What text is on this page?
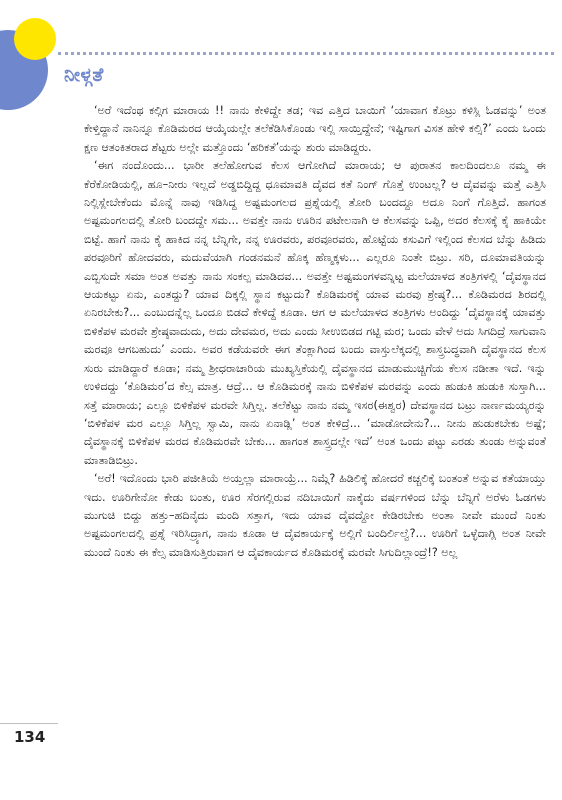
ನೀಳ್ಗತೆ

‘ಅರೆ ಇದೆಂಥ ಕಲ್ಗಿಗ ಮಾರಾಯ !! ನಾನು ಕೇಳಿದ್ದೇ ತಡ; ಇವ ಎತ್ತಿದ ಬಾಯಿಗೆ ‘ಯಾವಾಗ ಕೊಟ್ರು ಕಳಿಸ್ಲಿ ಓಡವನ್ನು’ ಅಂತ ಕೇಳ್ತಿದ್ದಾನೆ ನಾನಿನ್ನೂ ಕೊಡಿಮರದ ಆಯ್ಕೆಯಲ್ಲೇ ತಲೆಕೆಡಿಸಿಕೊಂಡು ಇಲ್ಲಿ ಸಾಯ್ತಿದ್ದೇನೆ; ಇಷ್ಟಿಗಾಗ ವಿಸತ ಹೇಳಿ ಕಲ್ಸಿ?’ ಎಂದು ಒಂದು ಕ್ಷಣ ಆತಂಕಿತರಾದ ಶೆಟ್ಟರು ಅಲ್ಲೇ ಮತ್ತೊಂದು ‘ಹರಿಕತೆ’ಯನ್ನು ಶುರು ಮಾಡಿದ್ದರು.

‘ಈಗ ನಂದೊಂದು... ಭಾರೀ ತಲೆಹೋಗುವ ಕೆಲಸ ಆಗೋಗಿದೆ ಮಾರಾಯ; ಆ ಪುರಾತನ ಕಾಲದಿಂದಲೂ ನಮ್ಮ ಈ ಕೆರೆಕೋಡಿಯಲ್ಲಿ, ಹೂ–ನೀರು ಇಲ್ಲದೆ ಅಡ್ಡಬಿದ್ದಿದ್ದ ಧೂಮಾವತಿ ದೈವದ ಕತೆ ನಿಂಗ್ ಗೊತ್ತೆ ಉಂಟಲ್ಲ? ಆ ದೈವವನ್ನು ಮತ್ತೆ ಎತ್ತಿಸಿ ನಿಲ್ಲಿಸ್ಲೇಬೇಕೆಂದು ಮೊನ್ನೆ ನಾವು ಇಡಿಸಿದ್ದ ಅಷ್ಟಮಂಗಲದ ಪ್ರಶ್ನೆಯಲ್ಲಿ ತೋರಿ ಬಂದದ್ದೂ ಅದೂ ನಿಂಗೆ ಗೊತ್ತಿದೆ. ಹಾಗಂತ ಅಷ್ಟಮಂಗಲದಲ್ಲಿ ತೋರಿ ಬಂದದ್ದೇ ಸಮ... ಅವತ್ತೇ ನಾನು ಊರಿನ ಪಟೇಲನಾಗಿ ಆ ಕೆಲಸವನ್ನು ಒಪ್ಪಿ, ಅದರ ಕೆಲಸಕ್ಕೆ ಕೈ ಹಾಕಿಯೇ ಬಿಟ್ಟೆ. ಹಾಗೆ ನಾನು ಕೈ ಹಾಕಿದ ನನ್ನ ಬೆನ್ನಿಗೇ, ನನ್ನ ಊರವರು, ಪರವೂರವರು, ಹೊಟ್ಟೆಯ ಕಸುವಿಗೆ ಇಲ್ಲಿಂದ ಕೆಲಸದ ಬೆನ್ನು ಹಿಡಿದು ಪರವೂರಿಗೆ ಹೋದವರು, ಮದುವೆಯಾಗಿ ಗಂಡನಮನೆ ಹೊಕ್ಕ ಹೆಣ್ಮಕ್ಕಳು... ಎಲ್ಲರೂ ನಿಂತೇ ಬಿಟ್ರು. ಸರಿ, ದೂಮಾವತಿಯನ್ನು ಎಬ್ಬಿಸುದೇ ಸಮಾ ಅಂತ ಅವತ್ತು ನಾನು ಸಂಕಲ್ಪ ಮಾಡಿದವ... ಅವತ್ತೇ ಅಷ್ಟಮಂಗಳವನ್ನಿಟ್ಟ ಮಲೆಯಾಳದ ತಂತ್ರಿಗಳಲ್ಲಿ ‘ದೈವಸ್ಥಾನದ ಆಯಕಟ್ಟು ಏನು, ಎಂತದ್ದು? ಯಾವ ದಿಕ್ಕಲ್ಲಿ ಸ್ಥಾನ ಕಟ್ಟುದು? ಕೊಡಿಮರಕ್ಕೆ ಯಾವ ಮರವು ಶ್ರೇಷ್ಠ?... ಕೊಡಿಮರದ ಶಿರದಲ್ಲಿ ಏನಿರಬೇಕು?... ಎಂಬುದನ್ನೆಲ್ಲ ಒಂದೂ ಬಿಡದೆ ಕೇಳಿದ್ದೆ ಕೂಡಾ. ಆಗ ಆ ಮಲೆಯಾಳದ ತಂತ್ರಿಗಳು ಅಂದಿದ್ದು ‘ದೈವಸ್ಥಾನಕ್ಕೆ ಯಾವತ್ತು ಬಿಳಿಕೆಪಳ ಮರವೇ ಶ್ರೇಷ್ಠವಾದುದು, ಅದು ದೇವಮರ, ಅದು ಎಂದು ಸೀಉಬಿಡದ ಗಟ್ಟಿ ಮರ; ಒಂದು ವೇಳೆ ಅದು ಸಿಗದಿದ್ರೆ ಸಾಗುವಾನಿ ಮರವೂ ಆಗಬಹುದು’ ಎಂದು. ಅವರ ಕಡೆಯವರೇ ಈಗ ತೆಂಕ್ಲಾಗಿಂದ ಬಂದು ವಾಸ್ತುಲೆಕ್ಕದಲ್ಲಿ ಶಾಸ್ತ್ರಬದ್ಧವಾಗಿ ದೈವಸ್ಥಾನದ ಕೆಲಸ ಸುರು ಮಾಡಿದ್ದಾರೆ ಕೂಡಾ; ನಮ್ಮ ಶ್ರೀಧರಾಚಾರಿಯ ಮುಖ್ಯಸ್ತಿಕೆಯಲ್ಲಿ ದೈವಸ್ಥಾನದ ಮಾಡುಮುಚ್ಚಿಗೆಯ ಕೆಲಸ ನಡೀತಾ ಇದೆ. ಇನ್ನು ಉಳಿದದ್ದು ‘ಕೊಡಿಮರ’ದ ಕೆಲ್ಸ ಮಾತ್ರ. ಆದ್ರೆ... ಆ ಕೊಡಿಮರಕ್ಕೆ ನಾನು ಬಿಳಿಕೆಪಳ ಮರವನ್ನು ಎಂದು ಹುಡುಕಿ ಹುಡುಕಿ ಸುಸ್ತಾಗಿ... ಸತ್ತೆ ಮಾರಾಯ; ಎಲ್ಲೂ ಬಿಳಿಕೆಪಳ ಮರವೇ ಸಿಗ್ತಿಲ್ಲ. ತಲೆಕೆಟ್ಟು ನಾನು ನಮ್ಮ ಇಸರ(ಈಶ್ವರ) ದೇವಸ್ಥಾನದ ಬಟ್ರು ನಾರ್ಣಮಯ್ಯರನ್ನು ‘ಬಿಳಿಕೆಪಳ ಮರ ಎಲ್ಲೂ ಸಿಗ್ತಿಲ್ಲ ಸ್ವಾಮಿ, ನಾನು ಏನಾಡ್ಲಿ’ ಅಂತ ಕೇಳಿದ್ರೆ... ‘ಮಾಡೋದೇನು?... ನೀನು ಹುಡುಕಬೇಕು ಅಷ್ಟೆ; ದೈವಸ್ಥಾನಕ್ಕೆ ಬಿಳಿಕೆಪಳ ಮರದ ಕೊಡಿಮರವೇ ಬೇಕು... ಹಾಗಂತ ಶಾಸ್ತ್ರದಲ್ಲೇ ಇದೆ’ ಅಂತ ಒಂದು ಪಟ್ಟು ಎರಡು ತುಂಡು ಅನ್ನುವಂತೆ ಮಾತಾಡಿಬಿಟ್ರು.

‘ಅರೆ! ಇದೊಂದು ಭಾರಿ ಪಜೀತಿಯೆ ಅಯ್ತಲ್ಲಾ ಮಾರಾಯ್ರೆ... ನಿಮ್ಗೆ? ಹಿಡಿಲಿಕ್ಕೆ ಹೋದರೆ ಕಚ್ಚಲಿಕ್ಕೆ ಬಂತಂತೆ ಅನ್ನುವ ಕತೆಯಾಯ್ತು ಇದು. ಊರಿಗೇನೋ ಕೇಡು ಬಂತು, ಊರ ಸೆರಗಲ್ಲಿರುವ ನದಿಬಾಯಿಗೆ ನಾಕೈದು ವರ್ಷಗಳಿಂದ ಬೆನ್ನು ಬೆನ್ನಿಗೆ ಅರೆಳು ಓಡಗಳು ಮುಗುಚಿ ಬಿದ್ದು ಹತ್ತು–ಹದಿನೈದು ಮಂದಿ ಸತ್ತಾಗ, ಇದು ಯಾವ ದೈವದ್ದೋ ಕೇಡಿರಬೇಕು ಅಂತಾ ನೀವೇ ಮುಂದೆ ನಿಂತು ಅಷ್ಟಮಂಗಲದಲ್ಲಿ ಪ್ರಶ್ನೆ ಇರಿಸಿದ್ರ್ಯಾಗ, ನಾನು ಕೂಡಾ ಆ ದೈವಕಾರ್ಯಕ್ಕೆ ಅಲ್ಲಿಗೆ ಬಂದಿರ್ಲಿಲ್ವೆ?... ಊರಿಗೆ ಒಳ್ಳೆದಾಗ್ಲಿ ಅಂತ ನೀವೇ ಮುಂದೆ ನಿಂತು ಈ ಕೆಲ್ಸ ಮಾಡಿಸುತ್ತಿರುವಾಗ ಆ ದೈವಕಾರ್ಯದ ಕೊಡಿಮರಕ್ಕೆ ಮರವೇ ಸಿಗುದಿಲ್ಲಾಂದ್ರೆ!? ಅಲ್ಲ

134
